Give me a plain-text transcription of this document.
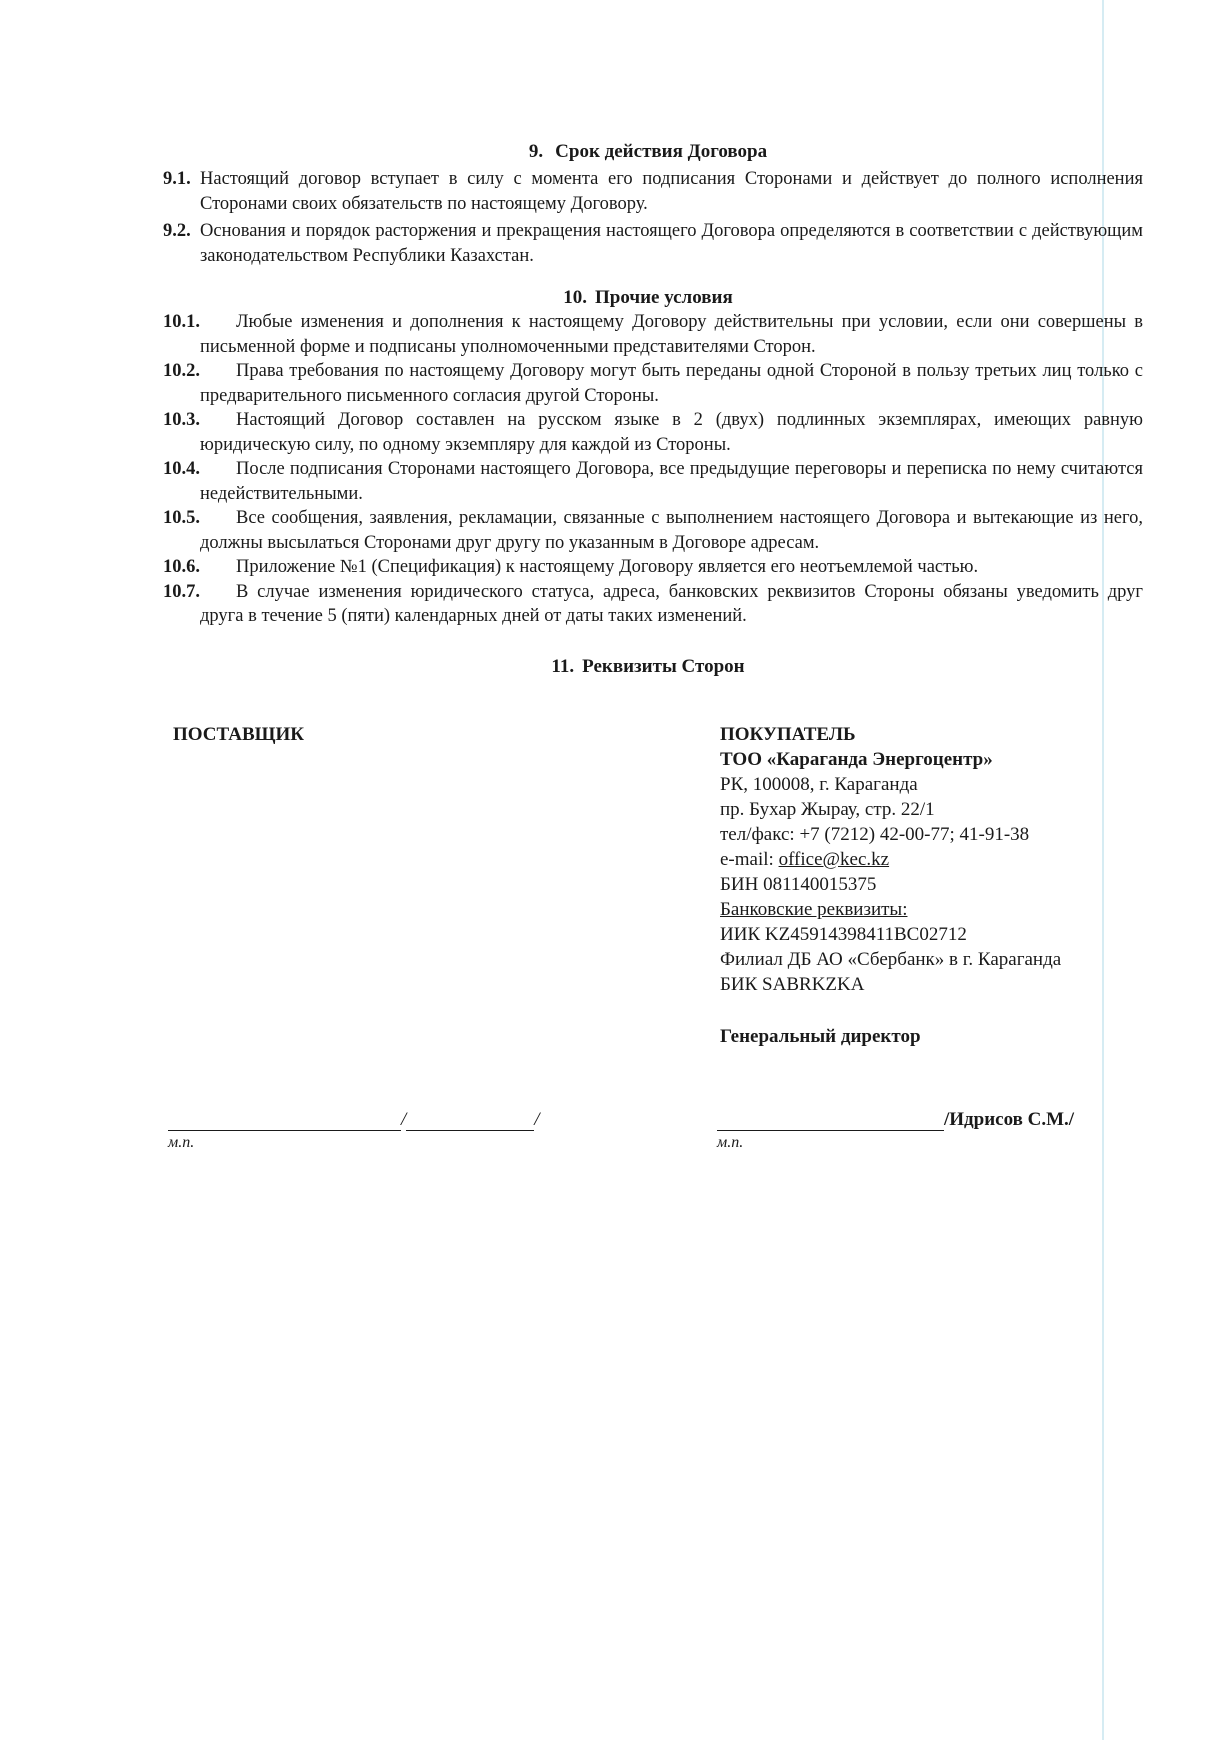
9. Срок действия Договора

9.1. Настоящий договор вступает в силу с момента его подписания Сторонами и действует до полного исполнения Сторонами своих обязательств по настоящему Договору.

9.2. Основания и порядок расторжения и прекращения настоящего Договора определяются в соответствии с действующим законодательством Республики Казахстан.

10. Прочие условия

10.1.	Любые изменения и дополнения к настоящему Договору действительны при условии, если они совершены в письменной форме и подписаны уполномоченными представителями Сторон.

10.2.	Права требования по настоящему Договору могут быть переданы одной Стороной в пользу третьих лиц только с предварительного письменного согласия другой Стороны.

10.3.	Настоящий Договор составлен на русском языке в 2 (двух) подлинных экземплярах, имеющих равную юридическую силу, по одному экземпляру для каждой из Стороны.

10.4.	После подписания Сторонами настоящего Договора, все предыдущие переговоры и переписка по нему считаются недействительными.

10.5.	Все сообщения, заявления, рекламации, связанные с выполнением настоящего Договора и вытекающие из него, должны высылаться Сторонами друг другу по указанным в Договоре адресам.

10.6.	Приложение №1 (Спецификация) к настоящему Договору является его неотъемлемой частью.

10.7.	В случае изменения юридического статуса, адреса, банковских реквизитов Стороны обязаны уведомить друг друга в течение 5 (пяти) календарных дней от даты таких изменений.

11. Реквизиты Сторон

ПОСТАВЩИК	ПОКУПАТЕЛЬ
ТОО «Караганда Энергоцентр»
РК, 100008, г. Караганда
пр. Бухар Жырау, стр. 22/1
тел/факс: +7 (7212) 42-00-77; 41-91-38
e-mail: office@kec.kz
БИН 081140015375
Банковские реквизиты:
ИИК KZ45914398411BC02712
Филиал ДБ АО «Сбербанк» в г. Караганда
БИК SABRKZKA
Генеральный директор
/	/
м.п.
/Идрисов С.М./
м.п.
